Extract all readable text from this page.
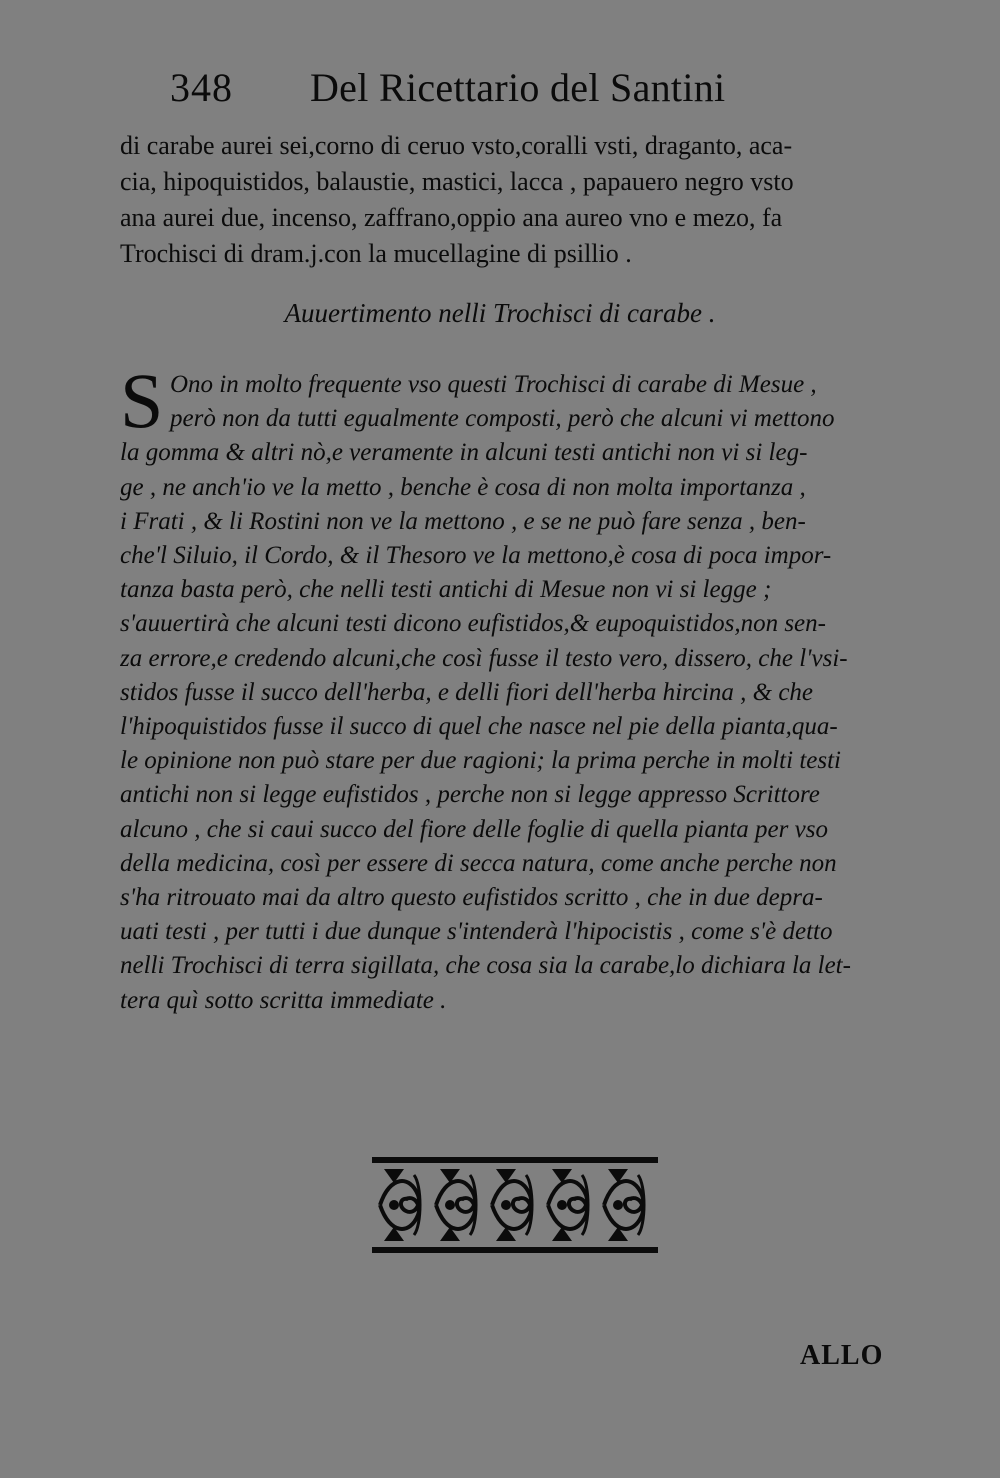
348 Del Ricettario del Santini
di carabe aurei sei,corno di ceruo vsto,coralli vsti, draganto, aca-
cia, hipoquistidos, balaustie, mastici, lacca , papauero negro vsto
ana aurei due, incenso, zaffrano,oppio ana aureo vno e mezo, fa
Trochisci di dram.j.con la mucellagine di psillio .
Auuertimento nelli Trochisci di carabe .
S Ono in molto frequente vso questi Trochisci di carabe di Mesue ,
però non da tutti egualmente composti, però che alcuni vi mettono
la gomma & altri nò,e veramente in alcuni testi antichi non vi si leg-
ge , ne anch'io ve la metto , benche è cosa di non molta importanza ,
i Frati , & li Rostini non ve la mettono , e se ne può fare senza , ben-
che'l Siluio, il Cordo, & il Thesoro ve la mettono,è cosa di poca impor-
tanza basta però, che nelli testi antichi di Mesue non vi si legge ;
s'auuertirà che alcuni testi dicono eufistidos,& eupoquistidos,non sen-
za errore,e credendo alcuni,che così fusse il testo vero, dissero, che l'vsi-
stidos fusse il succo dell'herba, e delli fiori dell'herba hircina , & che
l'hipoquistidos fusse il succo di quel che nasce nel pie della pianta,qua-
le opinione non può stare per due ragioni; la prima perche in molti testi
antichi non si legge eufistidos , perche non si legge appresso Scrittore
alcuno , che si caui succo del fiore delle foglie di quella pianta per vso
della medicina, così per essere di secca natura, come anche perche non
s'ha ritrouato mai da altro questo eufistidos scritto , che in due depra-
uati testi , per tutti i due dunque s'intenderà l'hipocistis , come s'è detto
nelli Trochisci di terra sigillata, che cosa sia la carabe,lo dichiara la let-
tera quì sotto scritta immediate .
ALLO
